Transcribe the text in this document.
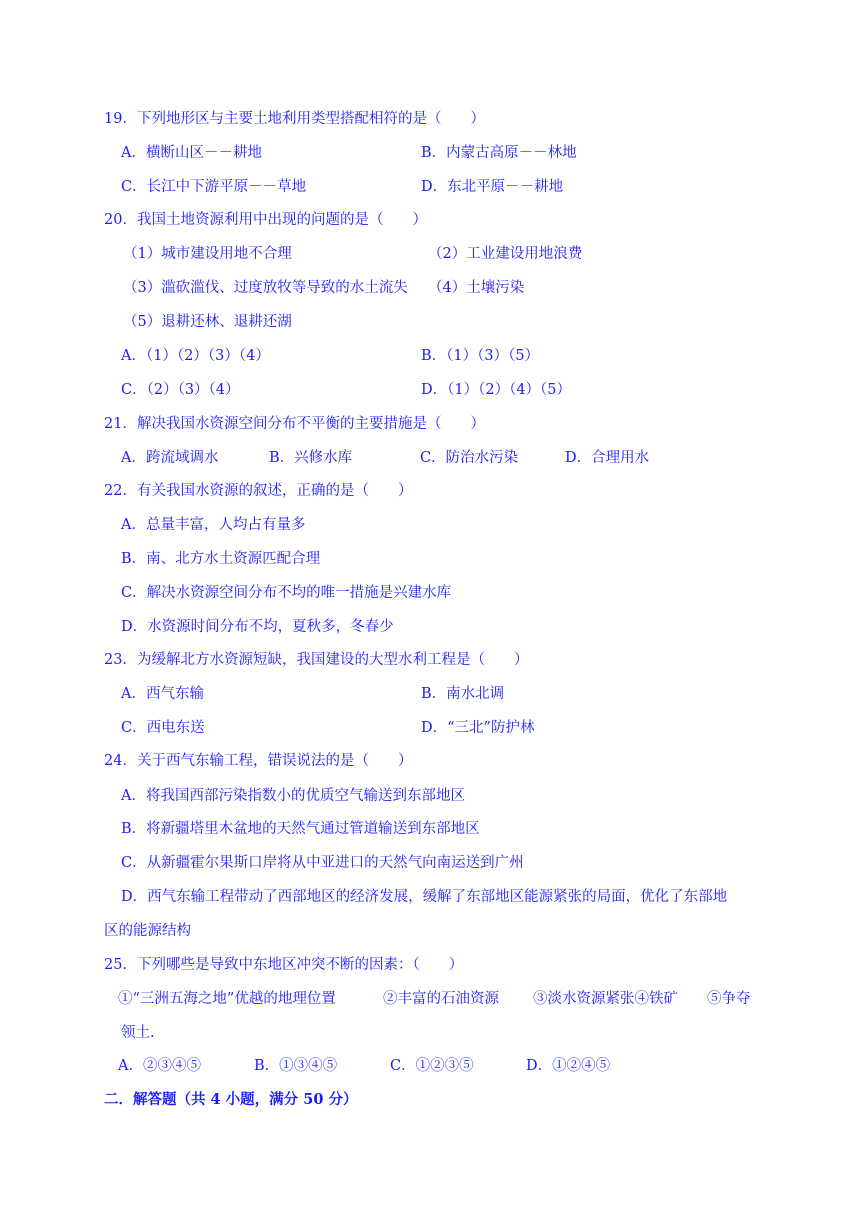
19．下列地形区与主要土地利用类型搭配相符的是（　　）
A．横断山区－－耕地	B．内蒙古高原－－林地
C．长江中下游平原－－草地	D．东北平原－－耕地
20．我国土地资源利用中出现的问题的是（　　）
（1）城市建设用地不合理	（2）工业建设用地浪费
（3）滥砍滥伐、过度放牧等导致的水土流失 （4）土壤污染
（5）退耕还林、退耕还湖
A．（1）（2）（3）（4）	B．（1）（3）（5）
C．（2）（3）（4）	D．（1）（2）（4）（5）
21．解决我国水资源空间分布不平衡的主要措施是（　　）
A．跨流域调水	B．兴修水库	C．防治水污染	D．合理用水
22．有关我国水资源的叙述，正确的是（　　）
A．总量丰富，人均占有量多
B．南、北方水土资源匹配合理
C．解决水资源空间分布不均的唯一措施是兴建水库
D．水资源时间分布不均，夏秋多，冬春少
23．为缓解北方水资源短缺，我国建设的大型水利工程是（　　）
A．西气东输	B．南水北调
C．西电东送	D．“三北”防护林
24．关于西气东输工程，错误说法的是（　　）
A．将我国西部污染指数小的优质空气输送到东部地区
B．将新疆塔里木盆地的天然气通过管道输送到东部地区
C．从新疆霍尔果斯口岸将从中亚进口的天然气向南运送到广州
D．西气东输工程带动了西部地区的经济发展，缓解了东部地区能源紧张的局面，优化了东部地
区的能源结构
25．下列哪些是导致中东地区冲突不断的因素：（　　）
①“三洲五海之地”优越的地理位置	②丰富的石油资源 ③淡水资源紧张④铁矿 ⑤争夺
领土.
A．②③④⑤	B．①③④⑤	C．①②③⑤	D．①②④⑤
二．解答题（共 4 小题，满分 50 分）
